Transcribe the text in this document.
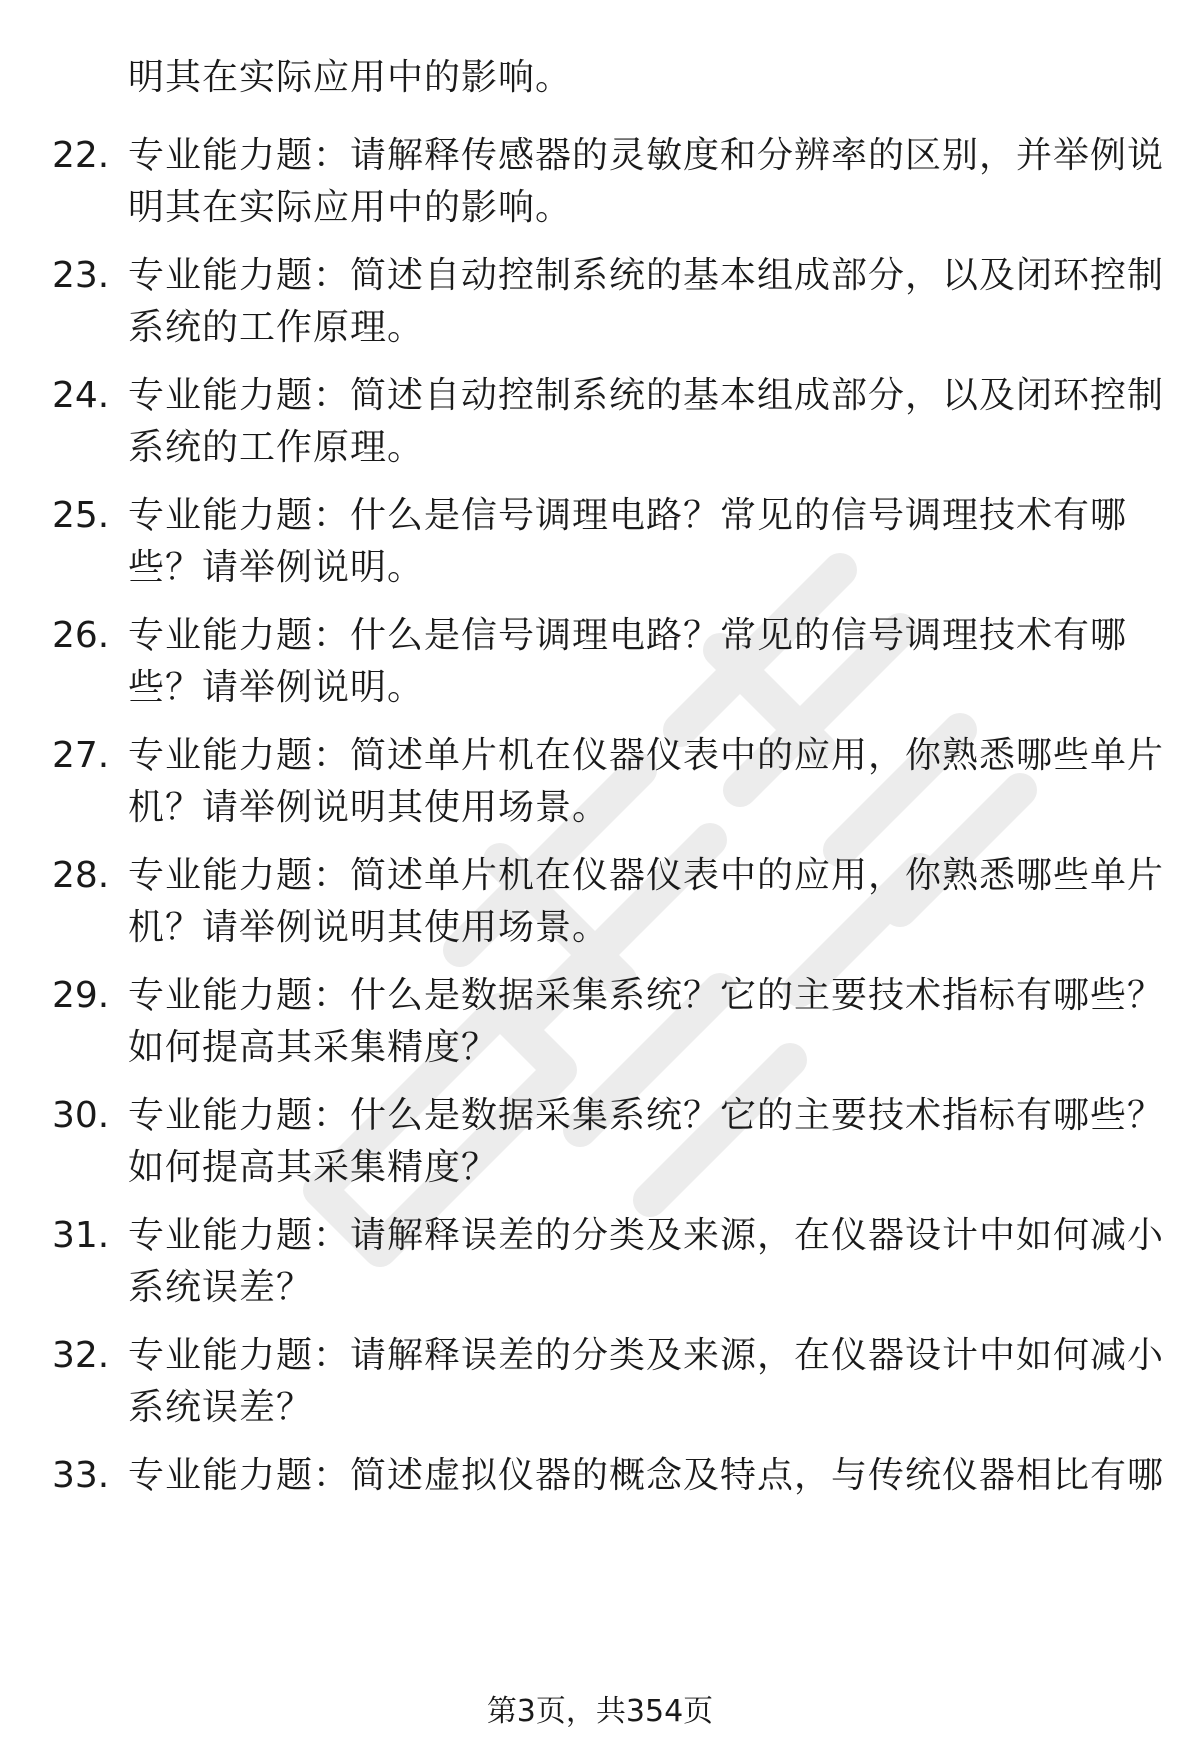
明其在实际应用中的影响。
22. 专业能力题：请解释传感器的灵敏度和分辨率的区别，并举例说
明其在实际应用中的影响。
23. 专业能力题：简述自动控制系统的基本组成部分，以及闭环控制
系统的工作原理。
24. 专业能力题：简述自动控制系统的基本组成部分，以及闭环控制
系统的工作原理。
25. 专业能力题：什么是信号调理电路？常见的信号调理技术有哪
些？请举例说明。
26. 专业能力题：什么是信号调理电路？常见的信号调理技术有哪
些？请举例说明。
27. 专业能力题：简述单片机在仪器仪表中的应用，你熟悉哪些单片
机？请举例说明其使用场景。
28. 专业能力题：简述单片机在仪器仪表中的应用，你熟悉哪些单片
机？请举例说明其使用场景。
29. 专业能力题：什么是数据采集系统？它的主要技术指标有哪些？
如何提高其采集精度？
30. 专业能力题：什么是数据采集系统？它的主要技术指标有哪些？
如何提高其采集精度？
31. 专业能力题：请解释误差的分类及来源，在仪器设计中如何减小
系统误差？
32. 专业能力题：请解释误差的分类及来源，在仪器设计中如何减小
系统误差？
33. 专业能力题：简述虚拟仪器的概念及特点，与传统仪器相比有哪
第3页，共354页
